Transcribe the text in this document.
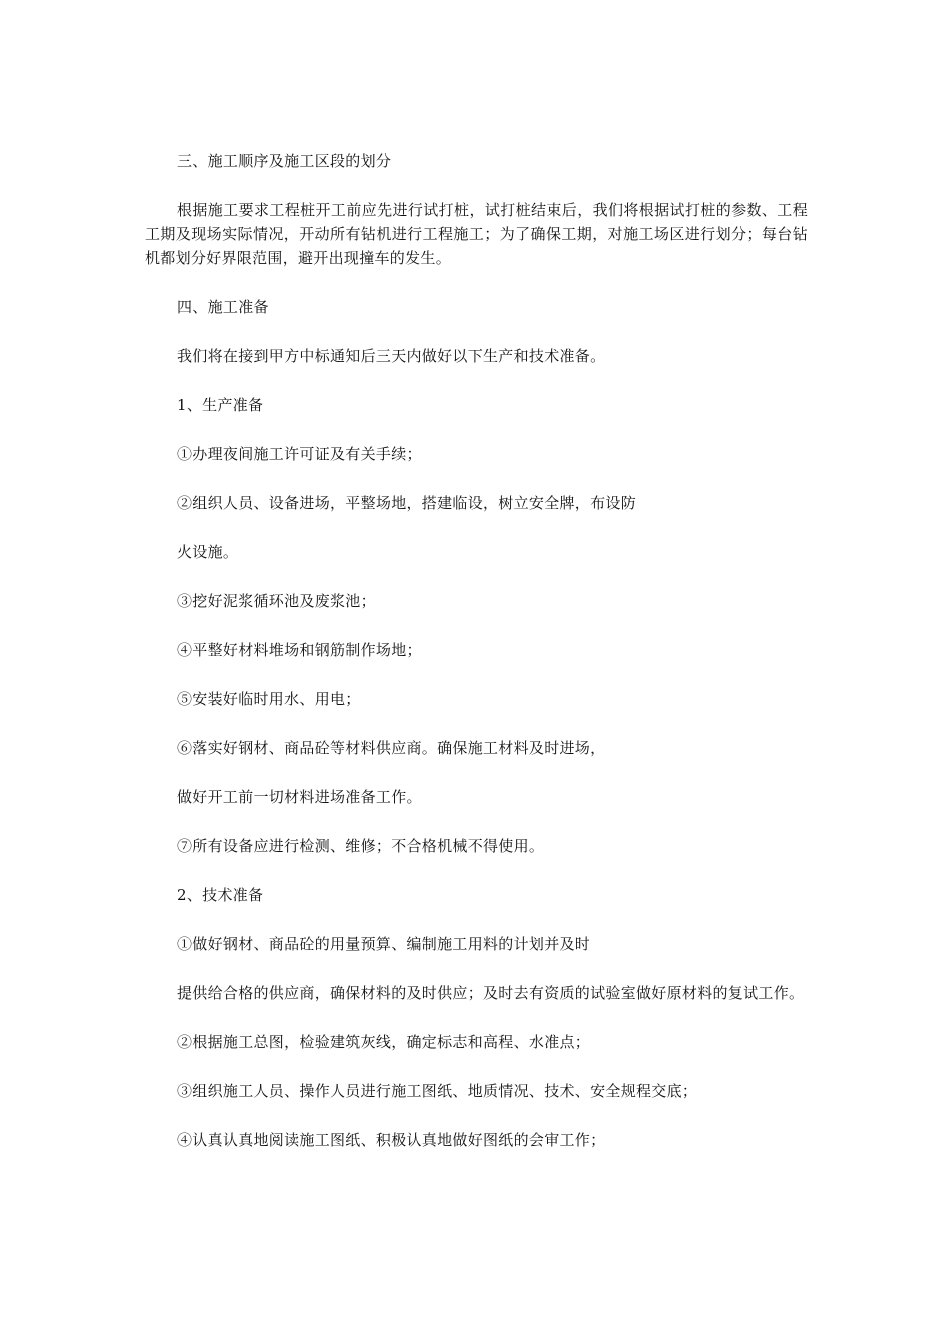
三、施工顺序及施工区段的划分

根据施工要求工程桩开工前应先进行试打桩，试打桩结束后，我们将根据试打桩的参数、工程工期及现场实际情况，开动所有钻机进行工程施工；为了确保工期，对施工场区进行划分；每台钻机都划分好界限范围，避开出现撞车的发生。

四、施工准备

我们将在接到甲方中标通知后三天内做好以下生产和技术准备。

1、生产准备

①办理夜间施工许可证及有关手续；

②组织人员、设备进场，平整场地，搭建临设，树立安全牌，布设防

火设施。

③挖好泥浆循环池及废浆池；

④平整好材料堆场和钢筋制作场地；

⑤安装好临时用水、用电；

⑥落实好钢材、商品砼等材料供应商。确保施工材料及时进场，

做好开工前一切材料进场准备工作。

⑦所有设备应进行检测、维修；不合格机械不得使用。

2、技术准备

①做好钢材、商品砼的用量预算、编制施工用料的计划并及时

提供给合格的供应商，确保材料的及时供应；及时去有资质的试验室做好原材料的复试工作。

②根据施工总图，检验建筑灰线，确定标志和高程、水准点；

③组织施工人员、操作人员进行施工图纸、地质情况、技术、安全规程交底；

④认真认真地阅读施工图纸、积极认真地做好图纸的会审工作；
